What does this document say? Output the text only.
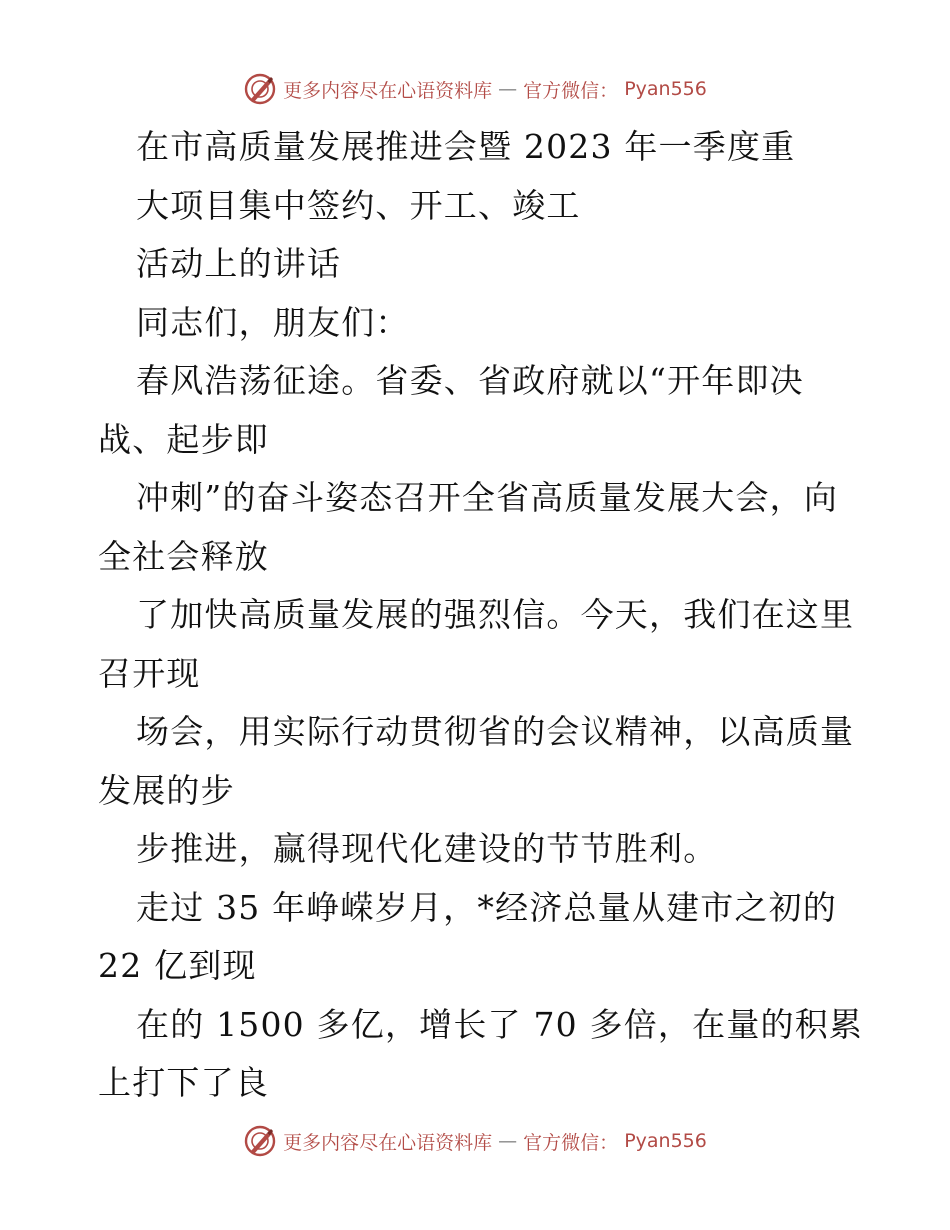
更多内容尽在心语资料库 — 官方微信： Pyan556
在市高质量发展推进会暨 2023 年一季度重
大项目集中签约、开工、竣工
活动上的讲话
同志们，朋友们：
春风浩荡征途。省委、省政府就以“开年即决
战、起步即
冲刺”的奋斗姿态召开全省高质量发展大会，向
全社会释放
了加快高质量发展的强烈信。今天，我们在这里
召开现
场会，用实际行动贯彻省的会议精神，以高质量
发展的步
步推进，赢得现代化建设的节节胜利。
走过 35 年峥嵘岁月，*经济总量从建市之初的
22 亿到现
在的 1500 多亿，增长了 70 多倍，在量的积累
上打下了良
更多内容尽在心语资料库 — 官方微信： Pyan556
